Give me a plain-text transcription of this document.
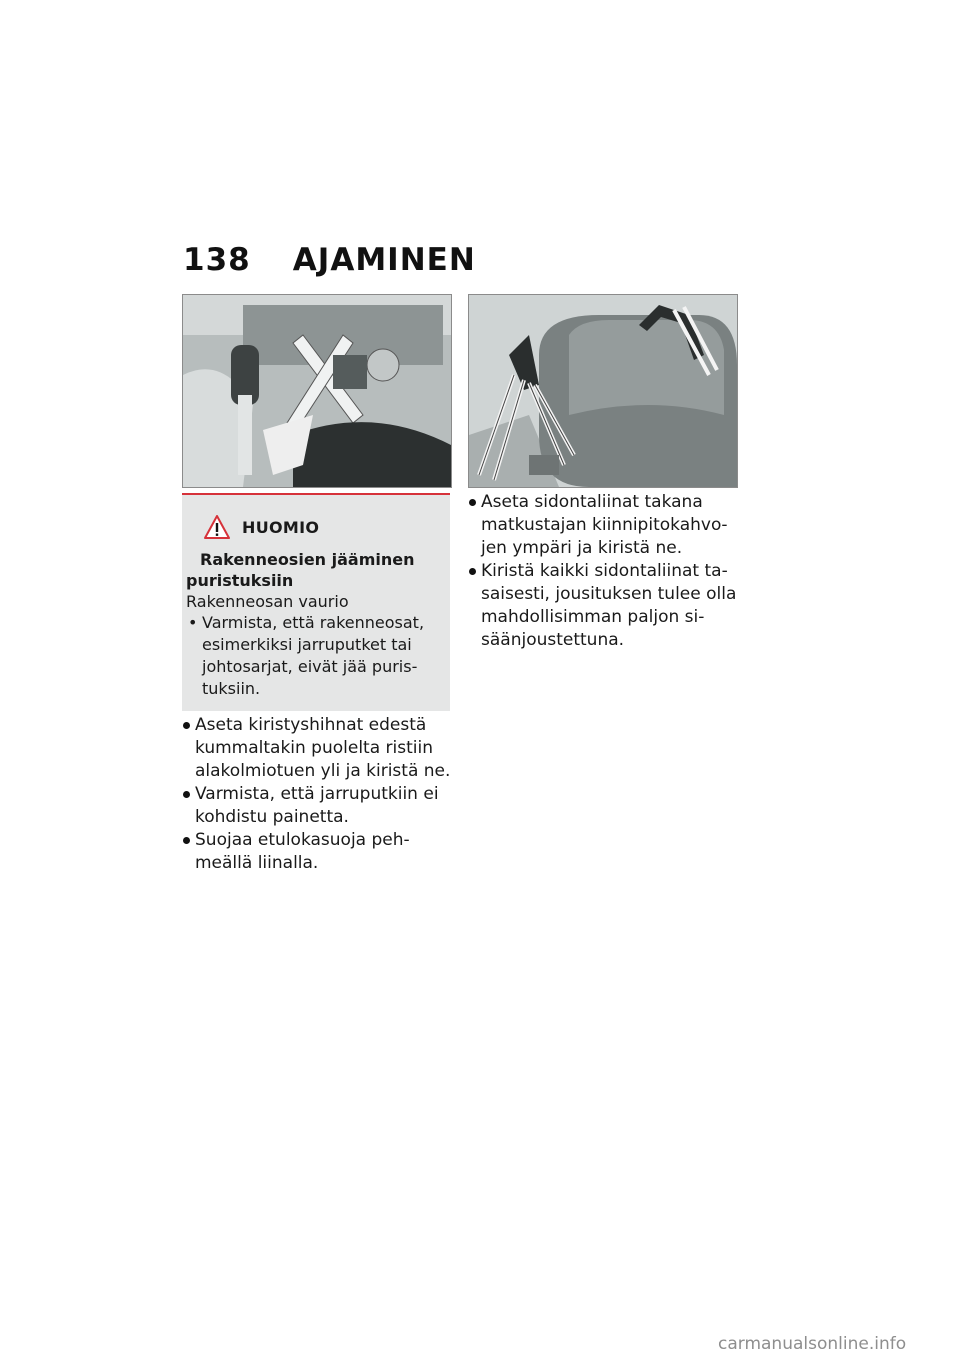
138 AJAMINEN
HUOMIO
Rakenneosien jääminen puristuksiin
Rakenneosan vaurio
• Varmista, että rakenneosat, esimerkiksi jarruputket tai johtosarjat, eivät jää puristuksiin.
Aseta kiristyshihnat edestä kummaltakin puolelta ristiin alakolmiotuen yli ja kiristä ne.
Varmista, että jarruputkiin ei kohdistu painetta.
Suojaa etulokasuoja pehmeällä liinalla.
Aseta sidontaliinat takana matkustajan kiinnipitokahvojen ympäri ja kiristä ne.
Kiristä kaikki sidontaliinat tasaisesti, jousituksen tulee olla mahdollisimman paljon sisäänjoustettuna.
carmanualsonline.info
